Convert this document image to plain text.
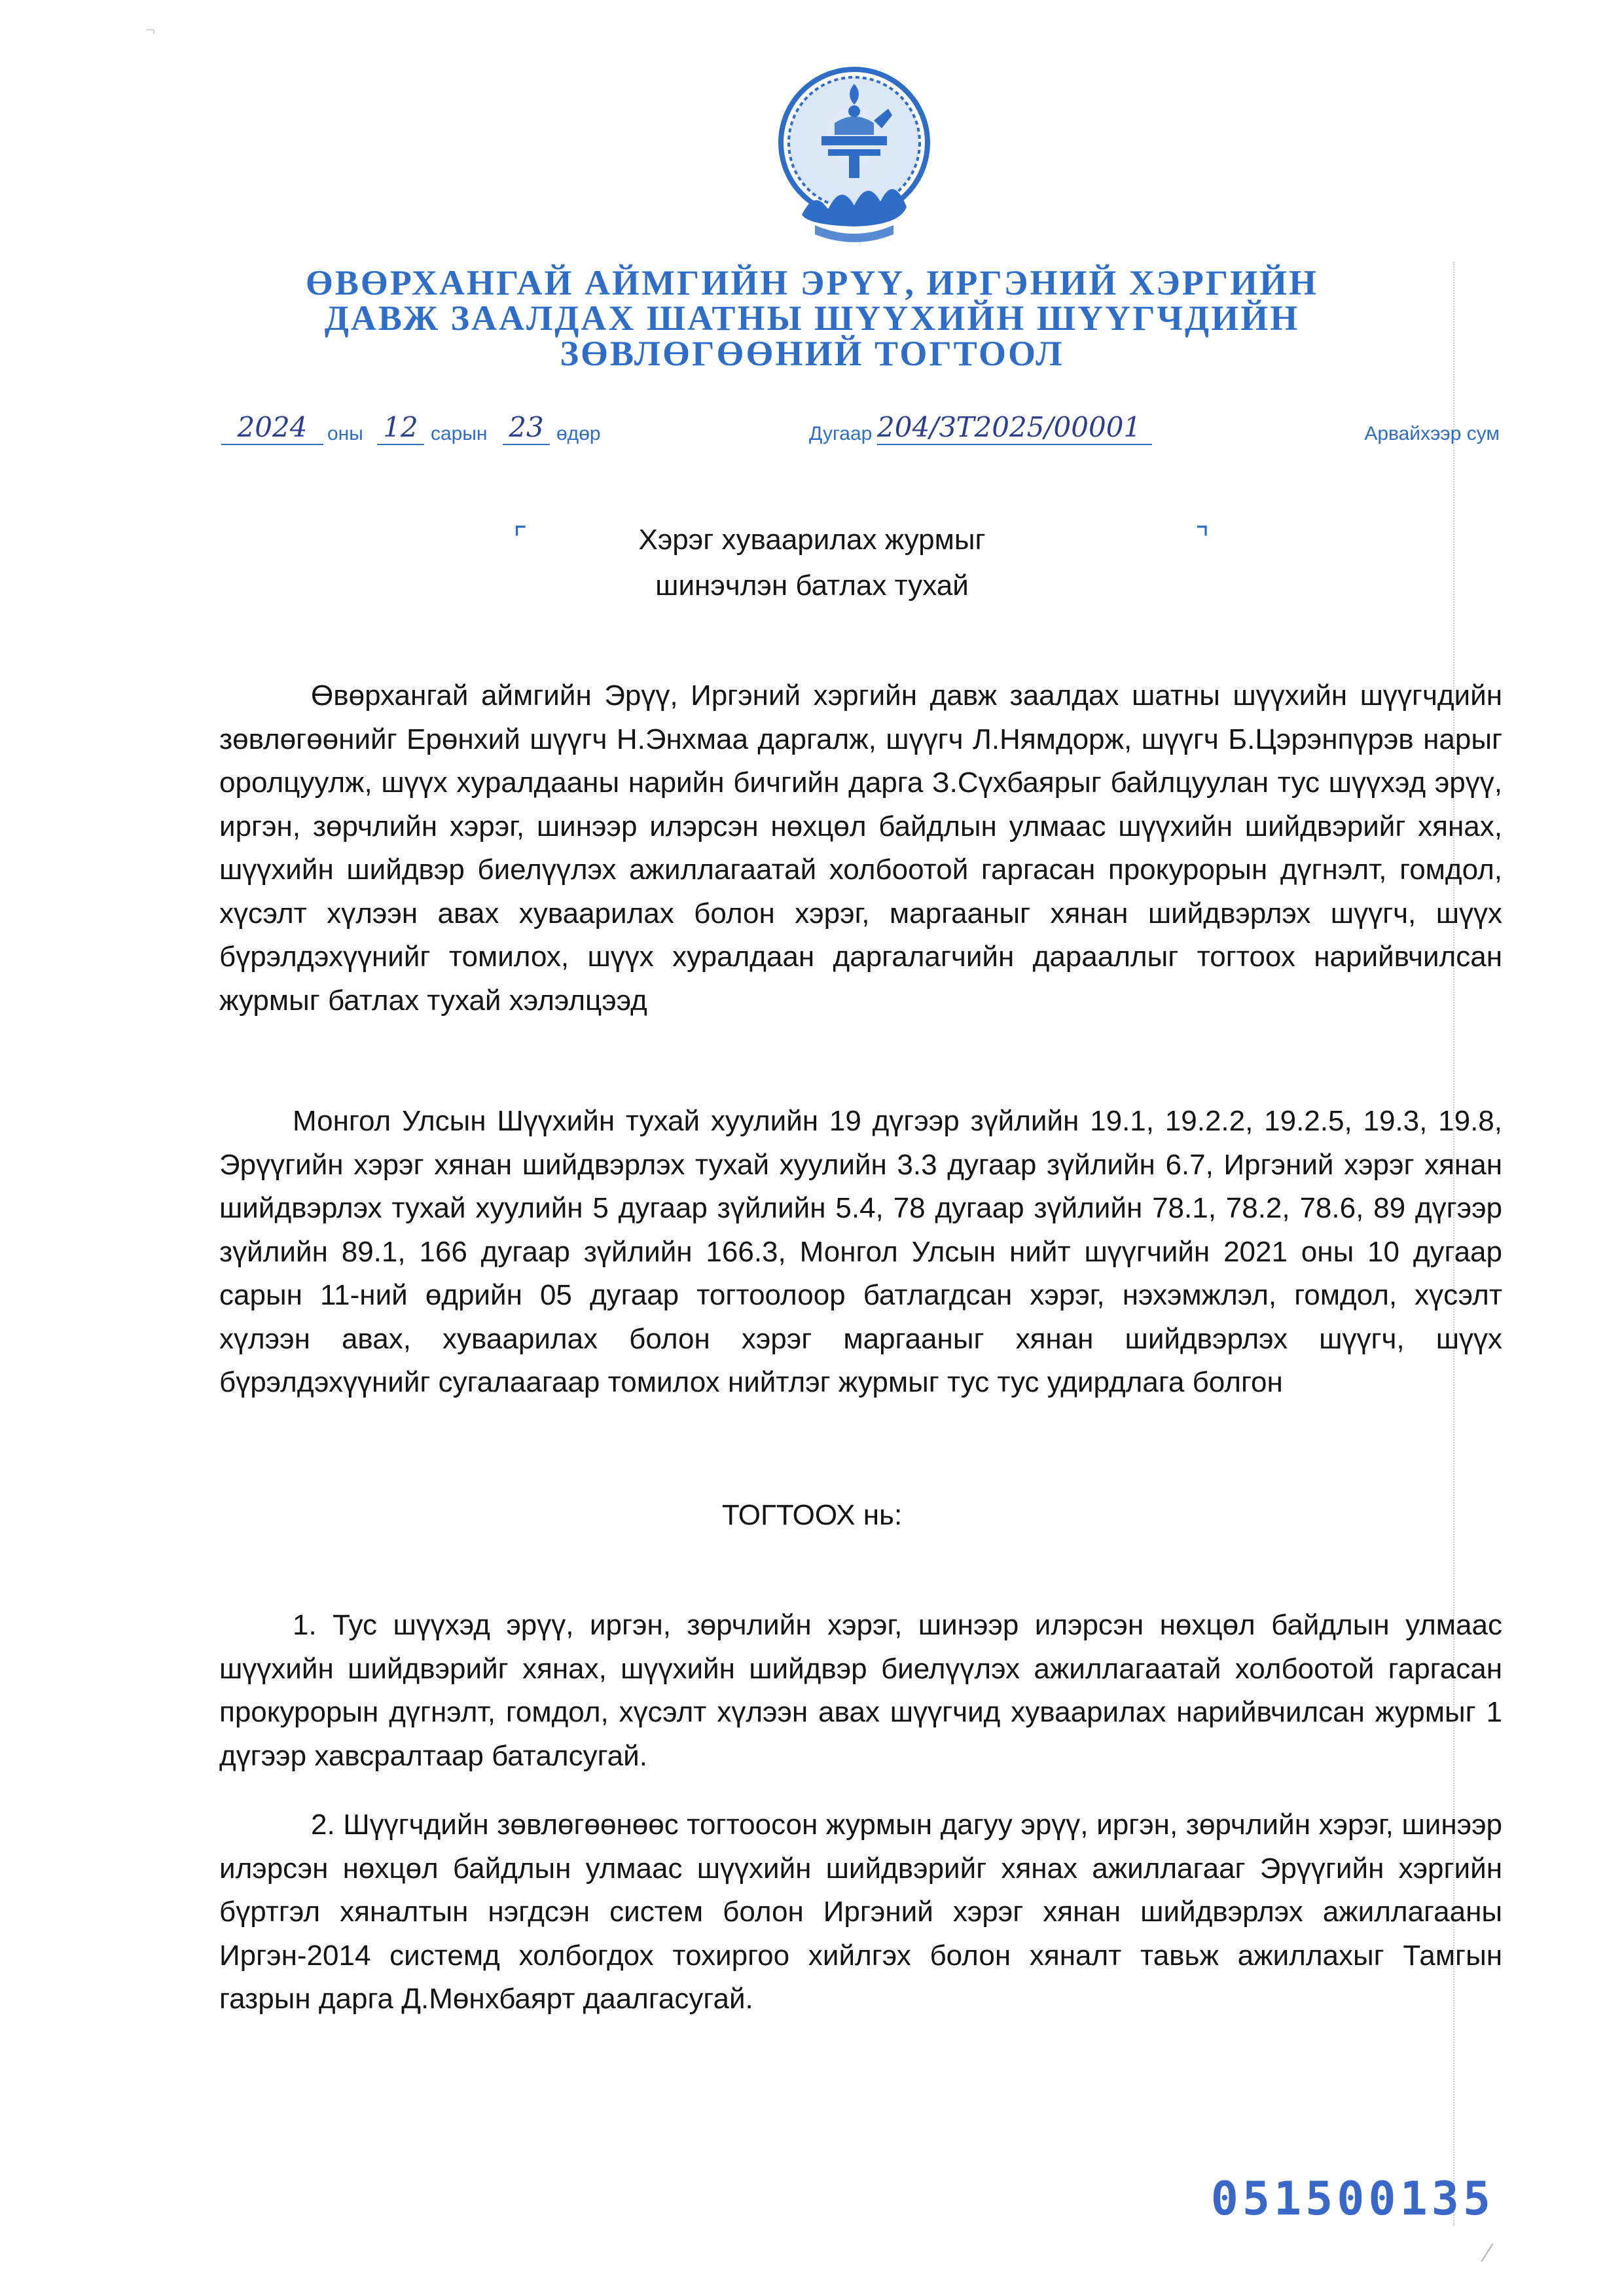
¬
⁄
ӨВӨРХАНГАЙ АЙМГИЙН ЭРҮҮ, ИРГЭНИЙ ХЭРГИЙН
ДАВЖ ЗААЛДАХ ШАТНЫ ШҮҮХИЙН ШҮҮГЧДИЙН
ЗӨВЛӨГӨӨНИЙ ТОГТООЛ
2024	оны 12 сарын 23 өдөр	Дугаар 204/ЗТ2025/00001	Арвайхээр сум
⌜	⌝
Хэрэг хуваарилах журмыг
шинэчлэн батлах тухай

Өвөрхангай аймгийн Эрүү, Иргэний хэргийн давж заалдах шатны шүүхийн шүүгчдийн зөвлөгөөнийг Ерөнхий шүүгч Н.Энхмаа даргалж, шүүгч Л.Нямдорж, шүүгч Б.Цэрэнпүрэв нарыг оролцуулж, шүүх хуралдааны нарийн бичгийн дарга З.Сүхбаярыг байлцуулан тус шүүхэд эрүү, иргэн, зөрчлийн хэрэг, шинээр илэрсэн нөхцөл байдлын улмаас шүүхийн шийдвэрийг хянах, шүүхийн шийдвэр биелүүлэх ажиллагаатай холбоотой гаргасан прокурорын дүгнэлт, гомдол, хүсэлт хүлээн авах хуваарилах болон хэрэг, маргааныг хянан шийдвэрлэх шүүгч, шүүх бүрэлдэхүүнийг томилох, шүүх хуралдаан даргалагчийн дарааллыг тогтоох нарийвчилсан журмыг батлах тухай хэлэлцээд

Монгол Улсын Шүүхийн тухай хуулийн 19 дүгээр зүйлийн 19.1, 19.2.2, 19.2.5, 19.3, 19.8, Эрүүгийн хэрэг хянан шийдвэрлэх тухай хуулийн 3.3 дугаар зүйлийн 6.7, Иргэний хэрэг хянан шийдвэрлэх тухай хуулийн 5 дугаар зүйлийн 5.4, 78 дугаар зүйлийн 78.1, 78.2, 78.6, 89 дүгээр зүйлийн 89.1, 166 дугаар зүйлийн 166.3, Монгол Улсын нийт шүүгчийн 2021 оны 10 дугаар сарын 11-ний өдрийн 05 дугаар тогтоолоор батлагдсан хэрэг, нэхэмжлэл, гомдол, хүсэлт хүлээн авах, хуваарилах болон хэрэг маргааныг хянан шийдвэрлэх шүүгч, шүүх бүрэлдэхүүнийг сугалаагаар томилох нийтлэг журмыг тус тус удирдлага болгон

ТОГТООХ нь:

1. Тус шүүхэд эрүү, иргэн, зөрчлийн хэрэг, шинээр илэрсэн нөхцөл байдлын улмаас шүүхийн шийдвэрийг хянах, шүүхийн шийдвэр биелүүлэх ажиллагаатай холбоотой гаргасан прокурорын дүгнэлт, гомдол, хүсэлт хүлээн авах шүүгчид хуваарилах нарийвчилсан журмыг 1 дүгээр хавсралтаар баталсугай.

2. Шүүгчдийн зөвлөгөөнөөс тогтоосон журмын дагуу эрүү, иргэн, зөрчлийн хэрэг, шинээр илэрсэн нөхцөл байдлын улмаас шүүхийн шийдвэрийг хянах ажиллагааг Эрүүгийн хэргийн бүртгэл хяналтын нэгдсэн систем болон Иргэний хэрэг хянан шийдвэрлэх ажиллагааны Иргэн-2014 системд холбогдох тохиргоо хийлгэх болон хяналт тавьж ажиллахыг Тамгын газрын дарга Д.Мөнхбаярт даалгасугай.

051500135
